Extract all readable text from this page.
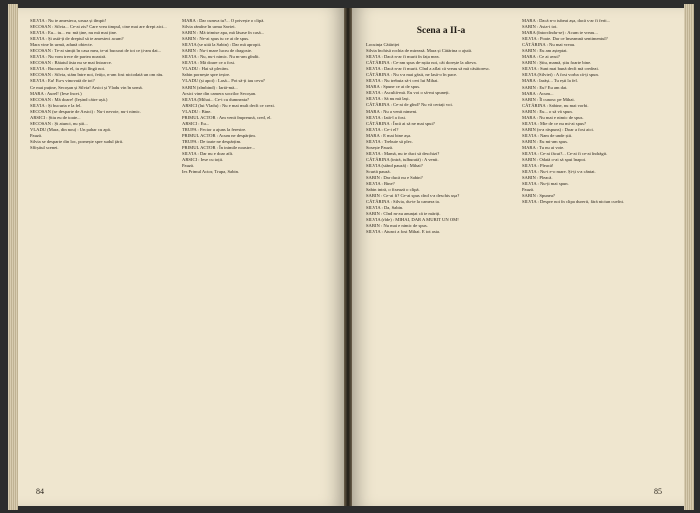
SILVIA : Nu te amesteca, ursuz și tîmpit!

SECOSAN : Silvia... Ce-ai zis? Care vrea timpul, cine mai are drept aici...

SILVIA : Eu... tu... eu: mă ține, nu mă mai ține.

SILVIA : Și astă-ți de dreptul să te amesteci acum?

Mara vine în urmă, adună obiecte.

SECOSAN : Te-ai simțit în casa mea, te-ai bucurat de tot ce ți-am dat...

SILVIA : Nu vom trece de partea noastră.

SECOSAN : Băiatul ăsta nu se mai întoarce.

SILVIA : Bucuros de el, tu ești lîngă noi.

SECOSAN : Silvia, stăm între noi, fetițo, n-am fost niciodată un om rău.

SILVIA : Eu! Eu-s vinovată de tot?

Ce mai puține, Secoșan și Silvia! Arsici și Vladu vin în urmă.

MARA : Aurel! (Iese încet.)

SECOSAN : Mă doare! (Ieșind către ușă.)

SILVIA : Și bucuria e la fel.

SECOSAN (se desparte de Arsici) : Nu-i nevoie, nu-i nimic.

ARSICI : Știu eu de toate...

SECOSAN : Și atunci, nu știi...

VLADU (Mara, din nou) : Un pahar cu apă.

Pauză.

Silvia se desparte din loc, pornește spre sudul țării.

Sfîrșitul scenei.

MARA : Dar cumva tu?... O privește o clipă.

Silvia rămîne în urma Saviei.

SABIN : Mă trimise apa, mă lăsase în casă...

SABIN : Ne-ai spus tu ce ai de spus.

SILVIA (se uită la Sabin) : Dar mă apropii.

SABIN : Nu-i mare lucru de dragoste.

SILVIA : Nu, nu-i nimic. Nu m-am gîndit.

SILVIA : Mă doare ce a fost.

VLADU : Hai să plecăm.

Sabin pornește spre ieșire.

VLADU (și apoi) : Lasă... Pot să-ți iau ceva?

SABIN (zîmbind) : Iartă-mă...

Arsici vine din camera socrilor Secoșan.

SILVIA (Mihai... Ce-i cu dumneata?

ARSICI (lui Vladu) : Nu e mai mult decît ce crezi.

VLADU : Bine.

PRIMUL ACTOR : Am venit împreună, cred, el.

ARSICI : Eu...

TRUPA : Fecior a ajuns la ferestre.

PRIMUL ACTOR : Acum ne despărțim.

TRUPA : De toate ne despărțim.

PRIMUL ACTOR : În inimile noastre...

SILVIA : Dar nu e doar atît.

ARSICI : Iese cu toții.

Pauză.

Ies Primul Actor, Trupa, Sabin.

84
Scena a II-a

Locuința Cătăriței

Silvia închisă rochia de mireasă. Mara și Cătărina o ajută.

SILVIA : Dacă n-ar fi murit în fața mea.

CĂTĂRINA : Ce-am spus de-aștia noi, cât dorește la alteva.

SILVIA : Dacă n-ar fi murit. Cînd a aflat că vreau să mă căsătoresc.

CĂTĂRINA : Nu s-a mai găsit, ne lasă-o în pace.

SILVIA : Nu trebuia să-i ceri lui Mihai.

MARA : Spune ce ai de spus.

SILVIA : Ascultă-mă. Eu voi o să-mi spuneți.

SILVIA : Să nu mă lași.

CĂTĂRINA : Ce-ai de gînd? Nu vă certați voi.

MARA : Nu a venit nimeni.

SILVIA : Iată-l a fost.

CĂTĂRINA : Încă ai să ne mai spui?

SILVIA : Ce-i el?

MARA : E mai bine așa.

SILVIA : Trebuie să plec.

Sosește Pauză.

SILVIA : Mamă, nu te duci să deschizi?

CĂTĂRINA (intră, tulburată) : A venit.

SILVIA (stând pauză) : Mihai?

Scurtă pauză.

SABIN : Dar ducă nu e Sabin?

SILVIA : Bine?

Sabin intră, o fixează o clipă.

SABIN : Ce-ai fi? Ce-ai spus cînd s-a deschis ușa?

CĂTĂRINA : Silvia, du-te la camera ta.

SILVIA : Da, Sabin.

SABIN : Cînd m-au anunțat că te măriți.

SILVIA (rîde) : MIHAI, DAR A MURIT UN OM!

SABIN : Nu mai e nimic de spus.

SILVIA : Atunci a fost Mihai. E tot asta.

MARA : Dacă n-o iubeai așa, dacă s-ar fi ferit...

SABIN : Asta-i tot.

MARA (întorcîndu-se) : Acum te vreau...

SILVIA : Poate. Dar ce înseamnă sentimentul?

CĂTĂRINA : Nu mai vreau.

SABIN : Eu am așteptat.

MARA : Ce ai avut?

SABIN : Știu, mamă, știu foarte bine.

SILVIA : Sunt mai bună decît mă credeai.

SILVIA (Silviei) : A fost vorba că-ți spun.

MARA : Iarăși... Tu ești la fel.

SABIN : Eu? Eu am dat.

MARA : Acum...

SABIN : Îl cunosc pe Mihai.

CĂTĂRINA : Sabine, nu mai vorbi.

SABIN : Eu... o să vă spun.

MARA : Nu mai e nimic de spus.

SILVIA : Mie de ce nu mi-ai spus?

SABIN (n-a răspuns) : Doar a fost aici.

SILVIA : Nam de unde știi.

SABIN : Eu mi-am spus.

MARA : Tu nu ai voie.

SILVIA : Ce-ai făcut?... Ce-ai fi ce-ai îndrăgit.

SABIN : Odată o-ai să spui înapoi.

SILVIA : Pleacă!

SILVIA : Nu-i e-o mare. Și-ți s-a cântat.

SABIN : Pleacă.

SILVIA : Nu-ți mai spun.

Pauză.

SABIN : Spunea?

SILVIA : Despre noi în clipa durerii, fără niciun cuvînt.

85
